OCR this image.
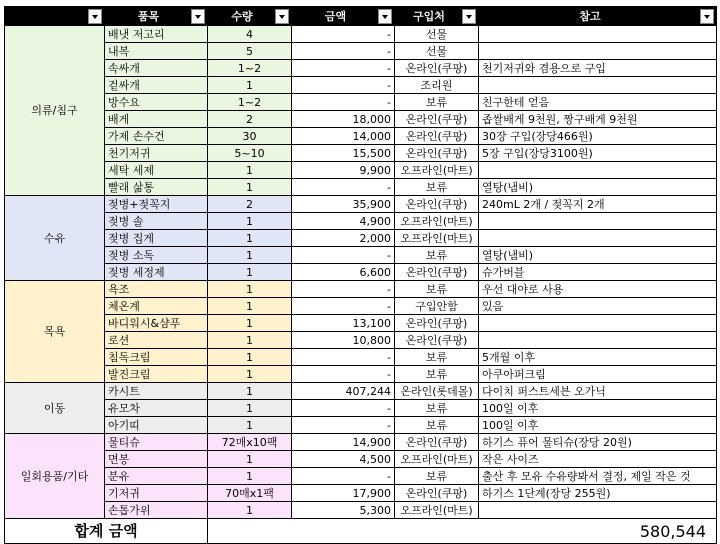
	품목	수량	금액	구입처	참고

의류/침구	배냇 저고리	4	-	선물	
	내복	5	-	선물	
	속싸개	1~2	-	온라인(쿠팡)	천기저귀와 겸용으로 구입
	겉싸개	1	-	조리원	
	방수요	1~2	-	보류	친구한테 얻음
	배게	2	18,000	온라인(쿠팡)	좁쌀배게 9천원, 짱구배게 9천원
	가제 손수건	30	14,000	온라인(쿠팡)	30장 구입(장당466원)
	천기저귀	5~10	15,500	온라인(쿠팡)	5장 구입(장당3100원)
	세탁 세제	1	9,900	오프라인(마트)	
	빨래 삶통	1	-	보류	열탕(냄비)
수유	젖병+젖꼭지	2	35,900	온라인(쿠팡)	240mL 2개 / 젖꼭지 2개
	젖병 솔	1	4,900	오프라인(마트)	
	젖병 집게	1	2,000	오프라인(마트)	
	젖병 소독	1	-	보류	열탕(냄비)
	젖병 세정제	1	6,600	온라인(쿠팡)	슈가버블
목욕	욕조	1	-	보류	우선 대야로 사용
	체온계	1	-	구입안함	있음
	바디워시&샴푸	1	13,100	온라인(쿠팡)	
	로션	1	10,800	온라인(쿠팡)	
	침독크림	1	-	보류	5개월 이후
	발진크림	1	-	보류	아쿠아퍼크림
이동	카시트	1	407,244	온라인(롯데몰)	다이치 퍼스트세븐 오가닉
	유모차	1	-	보류	100일 이후
	아기띠	1	-	보류	100일 이후
일회용품/기타	물티슈	72매x10팩	14,900	온라인(쿠팡)	하기스 퓨어 물티슈(장당 20원)
	면봉	1	4,500	오프라인(마트)	작은 사이즈
	분유	1	-	보류	출산 후 모유 수유량봐서 결정, 제일 작은 것
	기저귀	70매x1팩	17,900	온라인(쿠팡)	하기스 1단계(장당 255원)
	손톱가위	1	5,300	오프라인(마트)	
합계 금액		580,544			
